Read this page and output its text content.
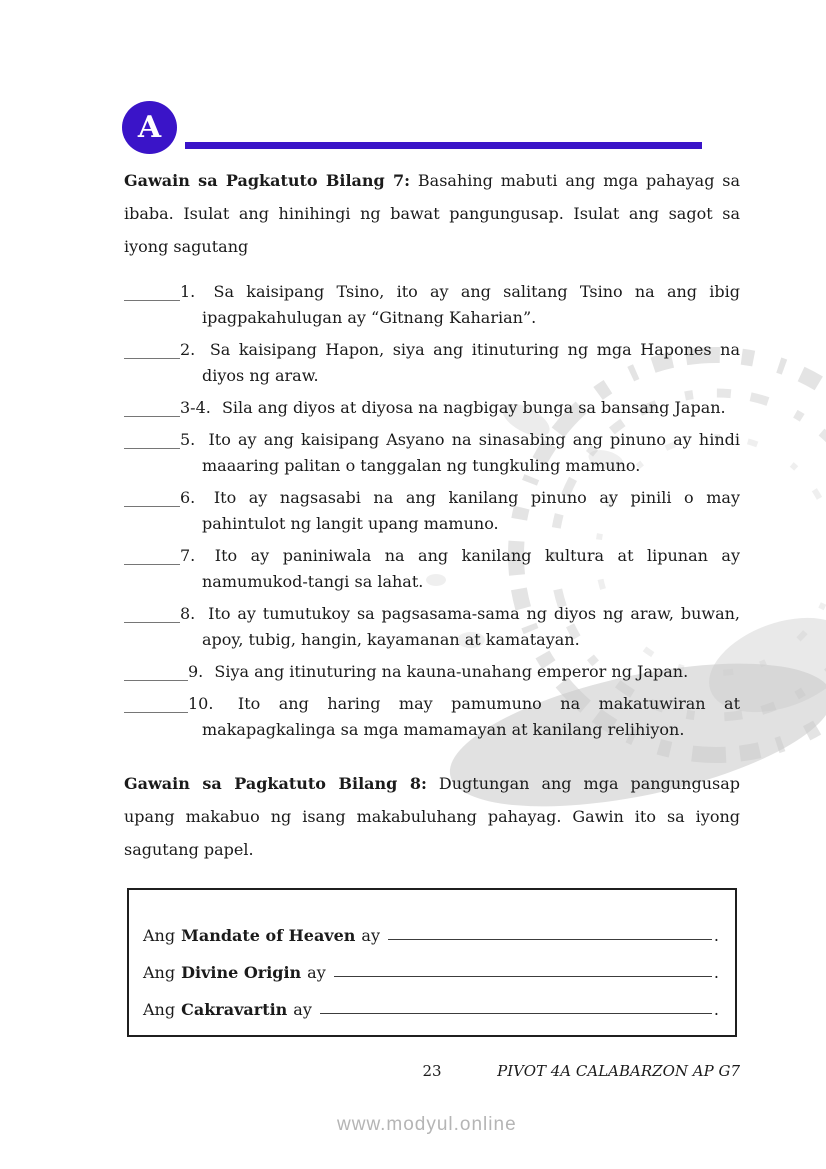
A

Gawain sa Pagkatuto Bilang 7: Basahing mabuti ang mga pahayag sa ibaba. Isulat ang hinihingi ng bawat pangungusap. Isulat ang sagot sa iyong sagutang

_______1. Sa kaisipang Tsino, ito ay ang salitang Tsino na ang ibig ipagpakahulugan ay “Gitnang Kaharian”.
_______2. Sa kaisipang Hapon, siya ang itinuturing ng mga Hapones na diyos ng araw.
_______3-4. Sila ang diyos at diyosa na nagbigay bunga sa bansang Japan.
_______5. Ito ay ang kaisipang Asyano na sinasabing ang pinuno ay hindi maaaring palitan o tanggalan ng tungkuling mamuno.
_______6. Ito ay nagsasabi na ang kanilang pinuno ay pinili o may pahintulot ng langit upang mamuno.
_______7. Ito ay paniniwala na ang kanilang kultura at lipunan ay namumukod-tangi sa lahat.
_______8. Ito ay tumutukoy sa pagsasama-sama ng diyos ng araw, buwan, apoy, tubig, hangin, kayamanan at kamatayan.
________9. Siya ang itinuturing na kauna-unahang emperor ng Japan.
________10. Ito ang haring may pamumuno na makatuwiran at makapagkalinga sa mga mamamayan at kanilang relihiyon.

Gawain sa Pagkatuto Bilang 8: Dugtungan ang mga pangungusap upang makabuo ng isang makabuluhang pahayag. Gawin ito sa iyong sagutang papel.

Ang Mandate of Heaven ay	.
Ang Divine Origin ay	.
Ang Cakravartin ay	.
23	PIVOT 4A CALABARZON AP G7
www.modyul.online
